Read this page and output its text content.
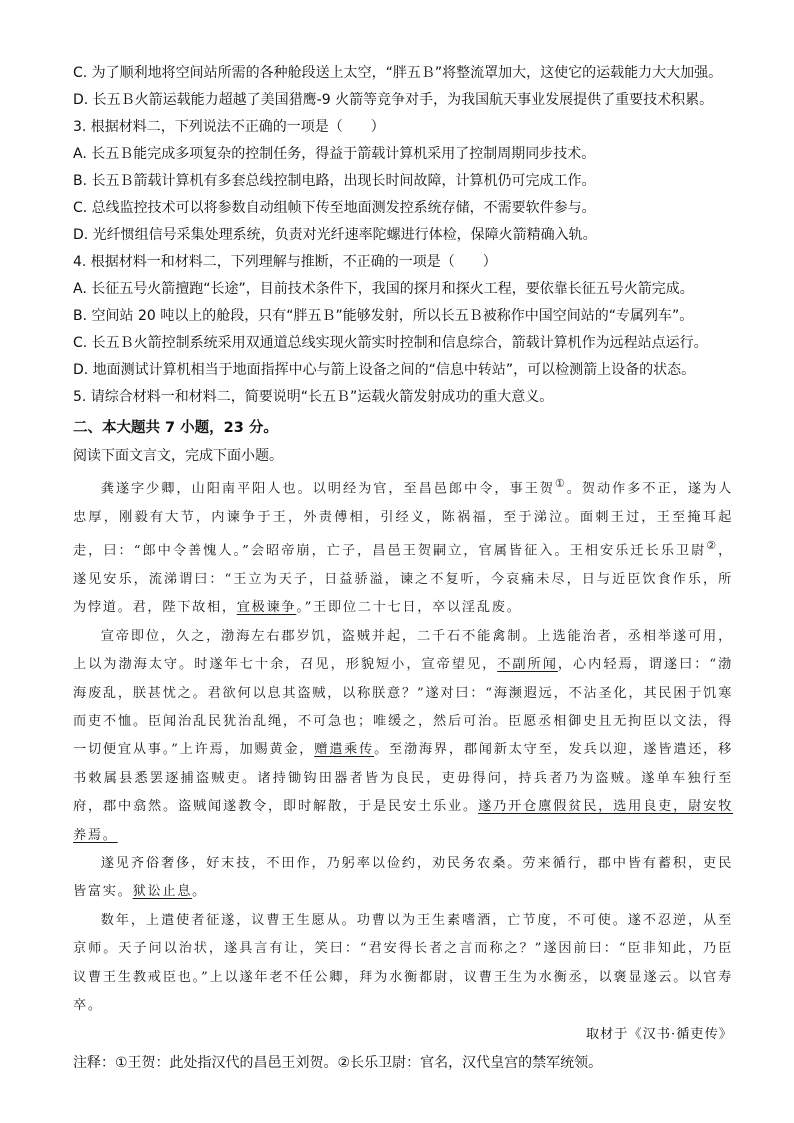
C. 为了顺利地将空间站所需的各种舱段送上太空，“胖五Ｂ”将整流罩加大，这使它的运载能力大大加强。
D. 长五Ｂ火箭运载能力超越了美国猎鹰-9 火箭等竞争对手，为我国航天事业发展提供了重要技术积累。
3. 根据材料二，下列说法不正确的一项是（　　）
A. 长五Ｂ能完成多项复杂的控制任务，得益于箭载计算机采用了控制周期同步技术。
B. 长五Ｂ箭载计算机有多套总线控制电路，出现长时间故障，计算机仍可完成工作。
C. 总线监控技术可以将参数自动组帧下传至地面测发控系统存储，不需要软件参与。
D. 光纤惯组信号采集处理系统，负责对光纤速率陀螺进行体检，保障火箭精确入轨。
4. 根据材料一和材料二，下列理解与推断，不正确的一项是（　　）
A. 长征五号火箭擅跑“长途”，目前技术条件下，我国的探月和探火工程，要依靠长征五号火箭完成。
B. 空间站 20 吨以上的舱段，只有“胖五Ｂ”能够发射，所以长五Ｂ被称作中国空间站的“专属列车”。
C. 长五Ｂ火箭控制系统采用双通道总线实现火箭实时控制和信息综合，箭载计算机作为远程站点运行。
D. 地面测试计算机相当于地面指挥中心与箭上设备之间的“信息中转站”，可以检测箭上设备的状态。
5. 请综合材料一和材料二，简要说明“长五Ｂ”运载火箭发射成功的重大意义。
二、本大题共 7 小题，23 分。
阅读下面文言文，完成下面小题。

龚遂字少卿，山阳南平阳人也。以明经为官，至昌邑郎中令，事王贺①。贺动作多不正，遂为人忠厚，刚毅有大节，内谏争于王，外责傅相，引经义，陈祸福，至于涕泣。面刺王过，王至掩耳起走，曰：“郎中令善愧人。”会昭帝崩，亡子，昌邑王贺嗣立，官属皆征入。王相安乐迁长乐卫尉②，遂见安乐，流涕谓曰：“王立为天子，日益骄溢，谏之不复听，今哀痛未尽，日与近臣饮食作乐，所为悖道。君，陛下故相，宜极谏争。”王即位二十七日，卒以淫乱废。

宣帝即位，久之，渤海左右郡岁饥，盗贼并起，二千石不能禽制。上选能治者，丞相举遂可用，上以为渤海太守。时遂年七十余，召见，形貌短小，宣帝望见，不副所闻，心内轻焉，谓遂曰：“渤海废乱，朕甚忧之。君欲何以息其盗贼，以称朕意？”遂对曰：“海濒遐远，不沾圣化，其民困于饥寒而吏不恤。臣闻治乱民犹治乱绳，不可急也；唯缓之，然后可治。臣愿丞相御史且无拘臣以文法，得一切便宜从事。”上许焉，加赐黄金，赠遣乘传。至渤海界，郡闻新太守至，发兵以迎，遂皆遣还，移书敕属县悉罢逐捕盗贼吏。诸持锄钩田器者皆为良民，吏毋得问，持兵者乃为盗贼。遂单车独行至府，郡中翕然。盗贼闻遂教令，即时解散，于是民安土乐业。遂乃开仓廪假贫民，选用良吏，尉安牧养焉。

遂见齐俗奢侈，好末技，不田作，乃躬率以俭约，劝民务农桑。劳来循行，郡中皆有蓄积，吏民皆富实。狱讼止息。

数年，上遣使者征遂，议曹王生愿从。功曹以为王生素嗜酒，亡节度，不可使。遂不忍逆，从至京师。天子问以治状，遂具言有让，笑曰：“君安得长者之言而称之？”遂因前曰：“臣非知此，乃臣议曹王生教戒臣也。”上以遂年老不任公卿，拜为水衡都尉，议曹王生为水衡丞，以褒显遂云。以官寿卒。

取材于《汉书·循吏传》
注释：①王贺：此处指汉代的昌邑王刘贺。②长乐卫尉：官名，汉代皇宫的禁军统领。
